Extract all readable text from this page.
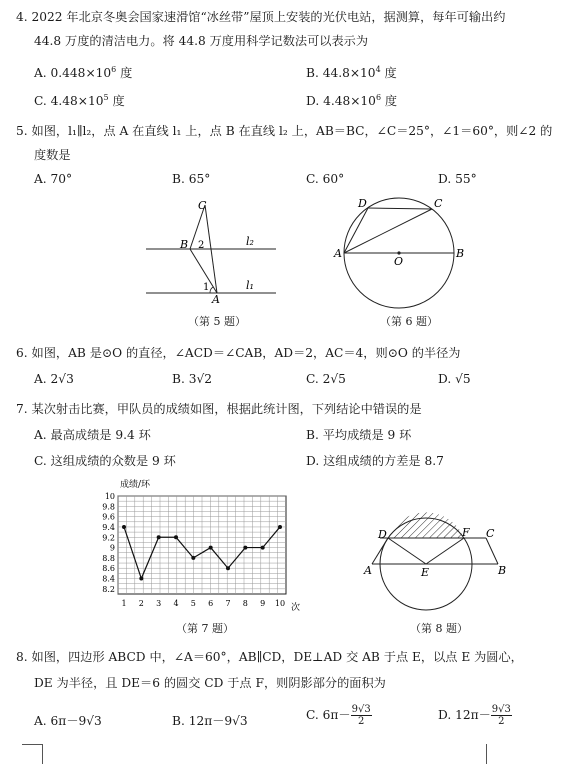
4. 2022 年北京冬奥会国家速滑馆“冰丝带”屋顶上安装的光伏电站，据测算，每年可输出约
44.8 万度的清洁电力。将 44.8 万度用科学记数法可以表示为
A. $0.448\times 10^6$ 度	B. $44.8\times 10^4$ 度
C. $4.48\times 10^5$ 度	D. $4.48\times 10^6$ 度
5. 如图，l₁∥l₂，点 A 在直线 l₁ 上，点 B 在直线 l₂ 上，AB＝BC，∠C＝25°，∠1＝60°，则∠2 的
度数是
A. 70°	B. 65°	C. 60°	D. 55°
C
B 2
1
A
l₂
l₁
（第 5 题）
D	C
A
O
B
（第 6 题）
6. 如图，AB 是⊙O 的直径，∠ACD＝∠CAB，AD＝2，AC＝4，则⊙O 的半径为
A. 2√3	B. 3√2	C. 2√5	D. √5
7. 某次射击比赛，甲队员的成绩如图，根据此统计图，下列结论中错误的是
A. 最高成绩是 9.4 环	B. 平均成绩是 9 环
C. 这组成绩的众数是 9 环	D. 这组成绩的方差是 8.7
成绩/环
次
8.2
8.4
8.6
8.8
9
9.2
9.4
9.6
9.8
10
1 2 3 4 5 6 7 8 9 10
（第 7 题）
D	F C
A	E	B
（第 8 题）
8. 如图，四边形 ABCD 中，∠A＝60°，AB∥CD，DE⊥AD 交 AB 于点 E，以点 E 为圆心，
DE 为半径，且 DE＝6 的圆交 CD 于点 F，则阴影部分的面积为
A. 6π－9√3	B. 12π－9√3	C. $6\pi- \frac{9√3}{2}$	D. $12\pi- \frac{9√3}{2}$
